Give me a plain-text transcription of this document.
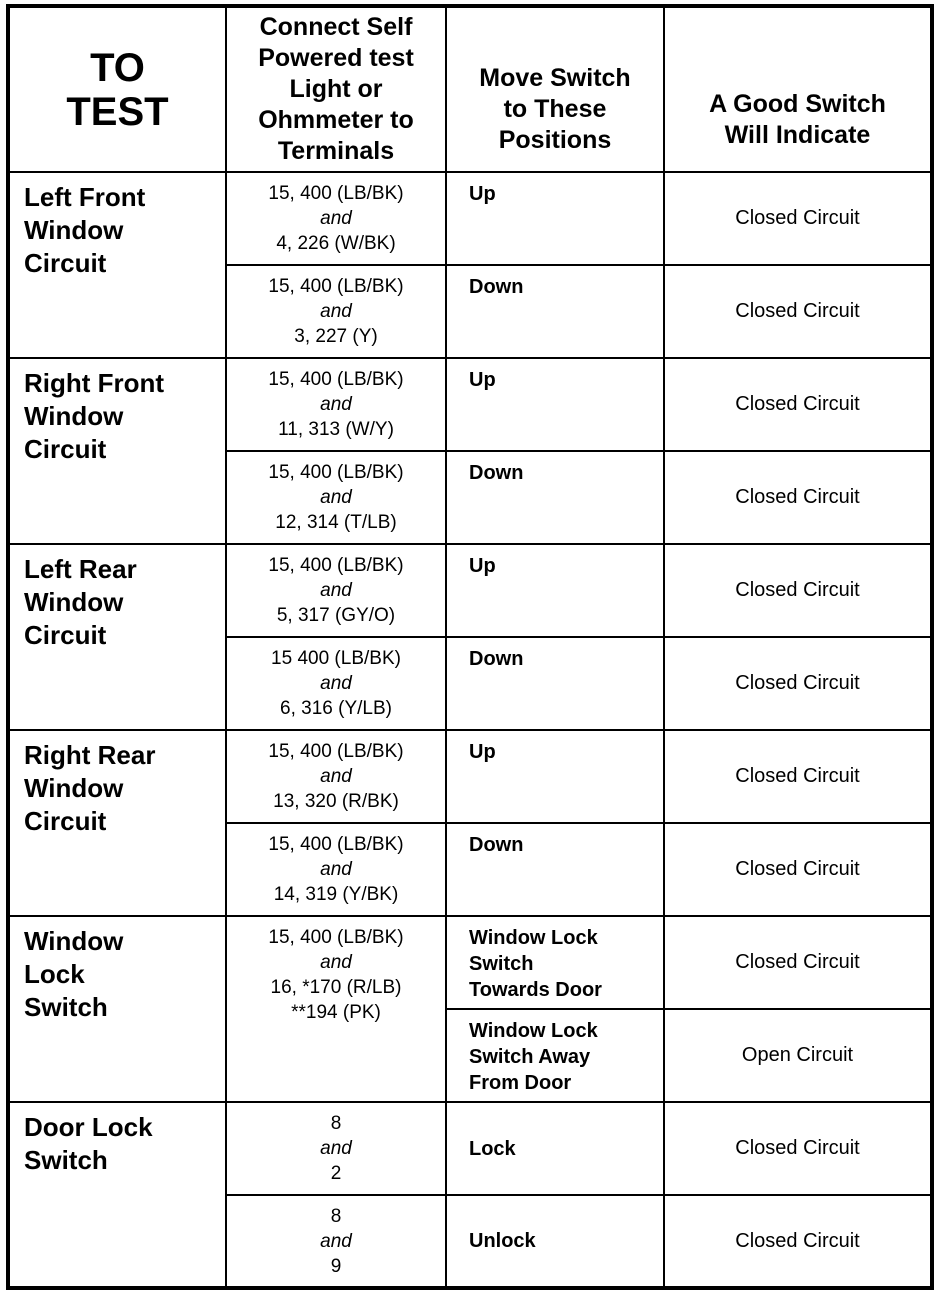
TO
TEST	Connect Self
Powered test
Light or
Ohmmeter to
Terminals	Move Switch
to These
Positions	A Good Switch
Will Indicate

Left Front
Window
Circuit	15, 400 (LB/BK)
and
4, 226 (W/BK)	Up	Closed Circuit

	15, 400 (LB/BK)
and
3, 227 (Y)	Down	Closed Circuit

Right Front
Window
Circuit	15, 400 (LB/BK)
and
11, 313 (W/Y)	Up	Closed Circuit

	15, 400 (LB/BK)
and
12, 314 (T/LB)	Down	Closed Circuit

Left Rear
Window
Circuit	15, 400 (LB/BK)
and
5, 317 (GY/O)	Up	Closed Circuit

	15 400 (LB/BK)
and
6, 316 (Y/LB)	Down	Closed Circuit

Right Rear
Window
Circuit	15, 400 (LB/BK)
and
13, 320 (R/BK)	Up	Closed Circuit

	15, 400 (LB/BK)
and
14, 319 (Y/BK)	Down	Closed Circuit

Window
Lock
Switch	15, 400 (LB/BK)
and
16, *170 (R/LB)
**194 (PK)	Window Lock
Switch
Towards Door	Closed Circuit

		Window Lock
Switch Away
From Door	Open Circuit

Door Lock
Switch	8
and
2	Lock	Closed Circuit

	8
and
9	Unlock	Closed Circuit
